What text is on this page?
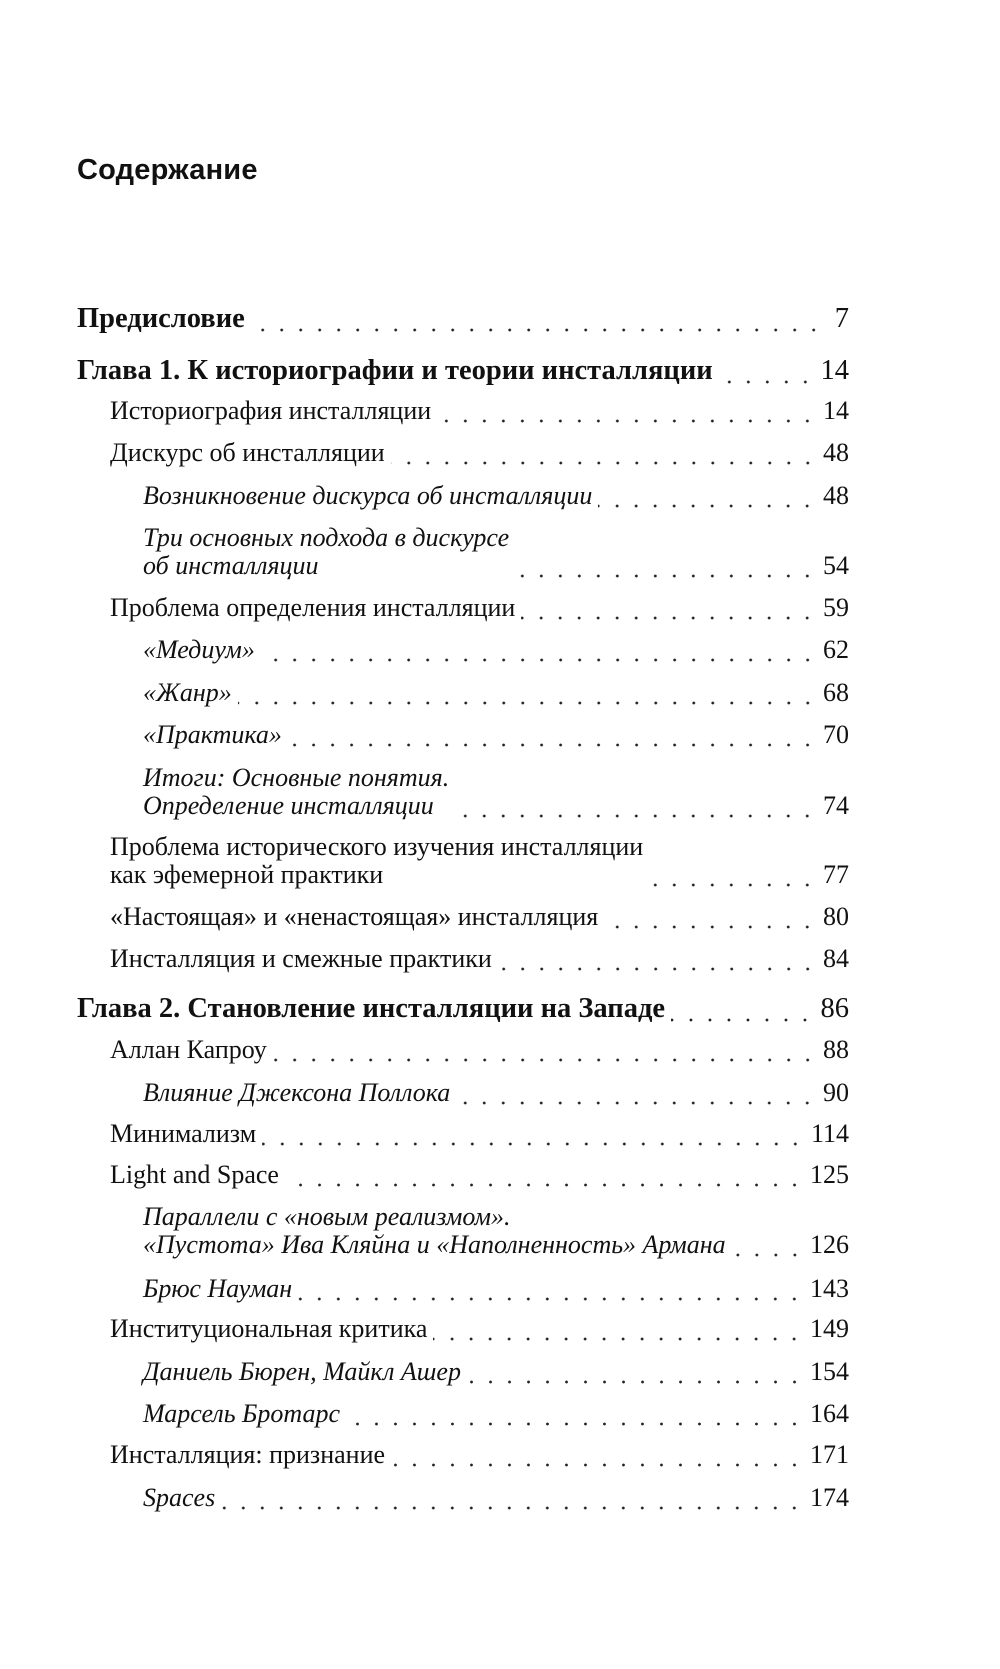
Содержание
Предисловие	7
Глава 1. К историографии и теории инсталляции	14
Историография инсталляции	14
Дискурс об инсталляции	48
Возникновение дискурса об инсталляции	48
Три основных подхода в дискурсе
об инсталляции	54
Проблема определения инсталляции	59
«Медиум»	62
«Жанр»	68
«Практика»	70
Итоги: Основные понятия.
Определение инсталляции	74
Проблема исторического изучения инсталляции
как эфемерной практики	77
«Настоящая» и «ненастоящая» инсталляция	80
Инсталляция и смежные практики	84
Глава 2. Становление инсталляции на Западе	86
Аллан Капроу	88
Влияние Джексона Поллока	90
Минимализм	114
Light and Space	125
Параллели с «новым реализмом».
«Пустота» Ива Кляйна и «Наполненность» Армана	126
Брюс Науман	143
Институциональная критика	149
Даниель Бюрен, Майкл Ашер	154
Марсель Бротарс	164
Инсталляция: признание	171
Spaces	174
